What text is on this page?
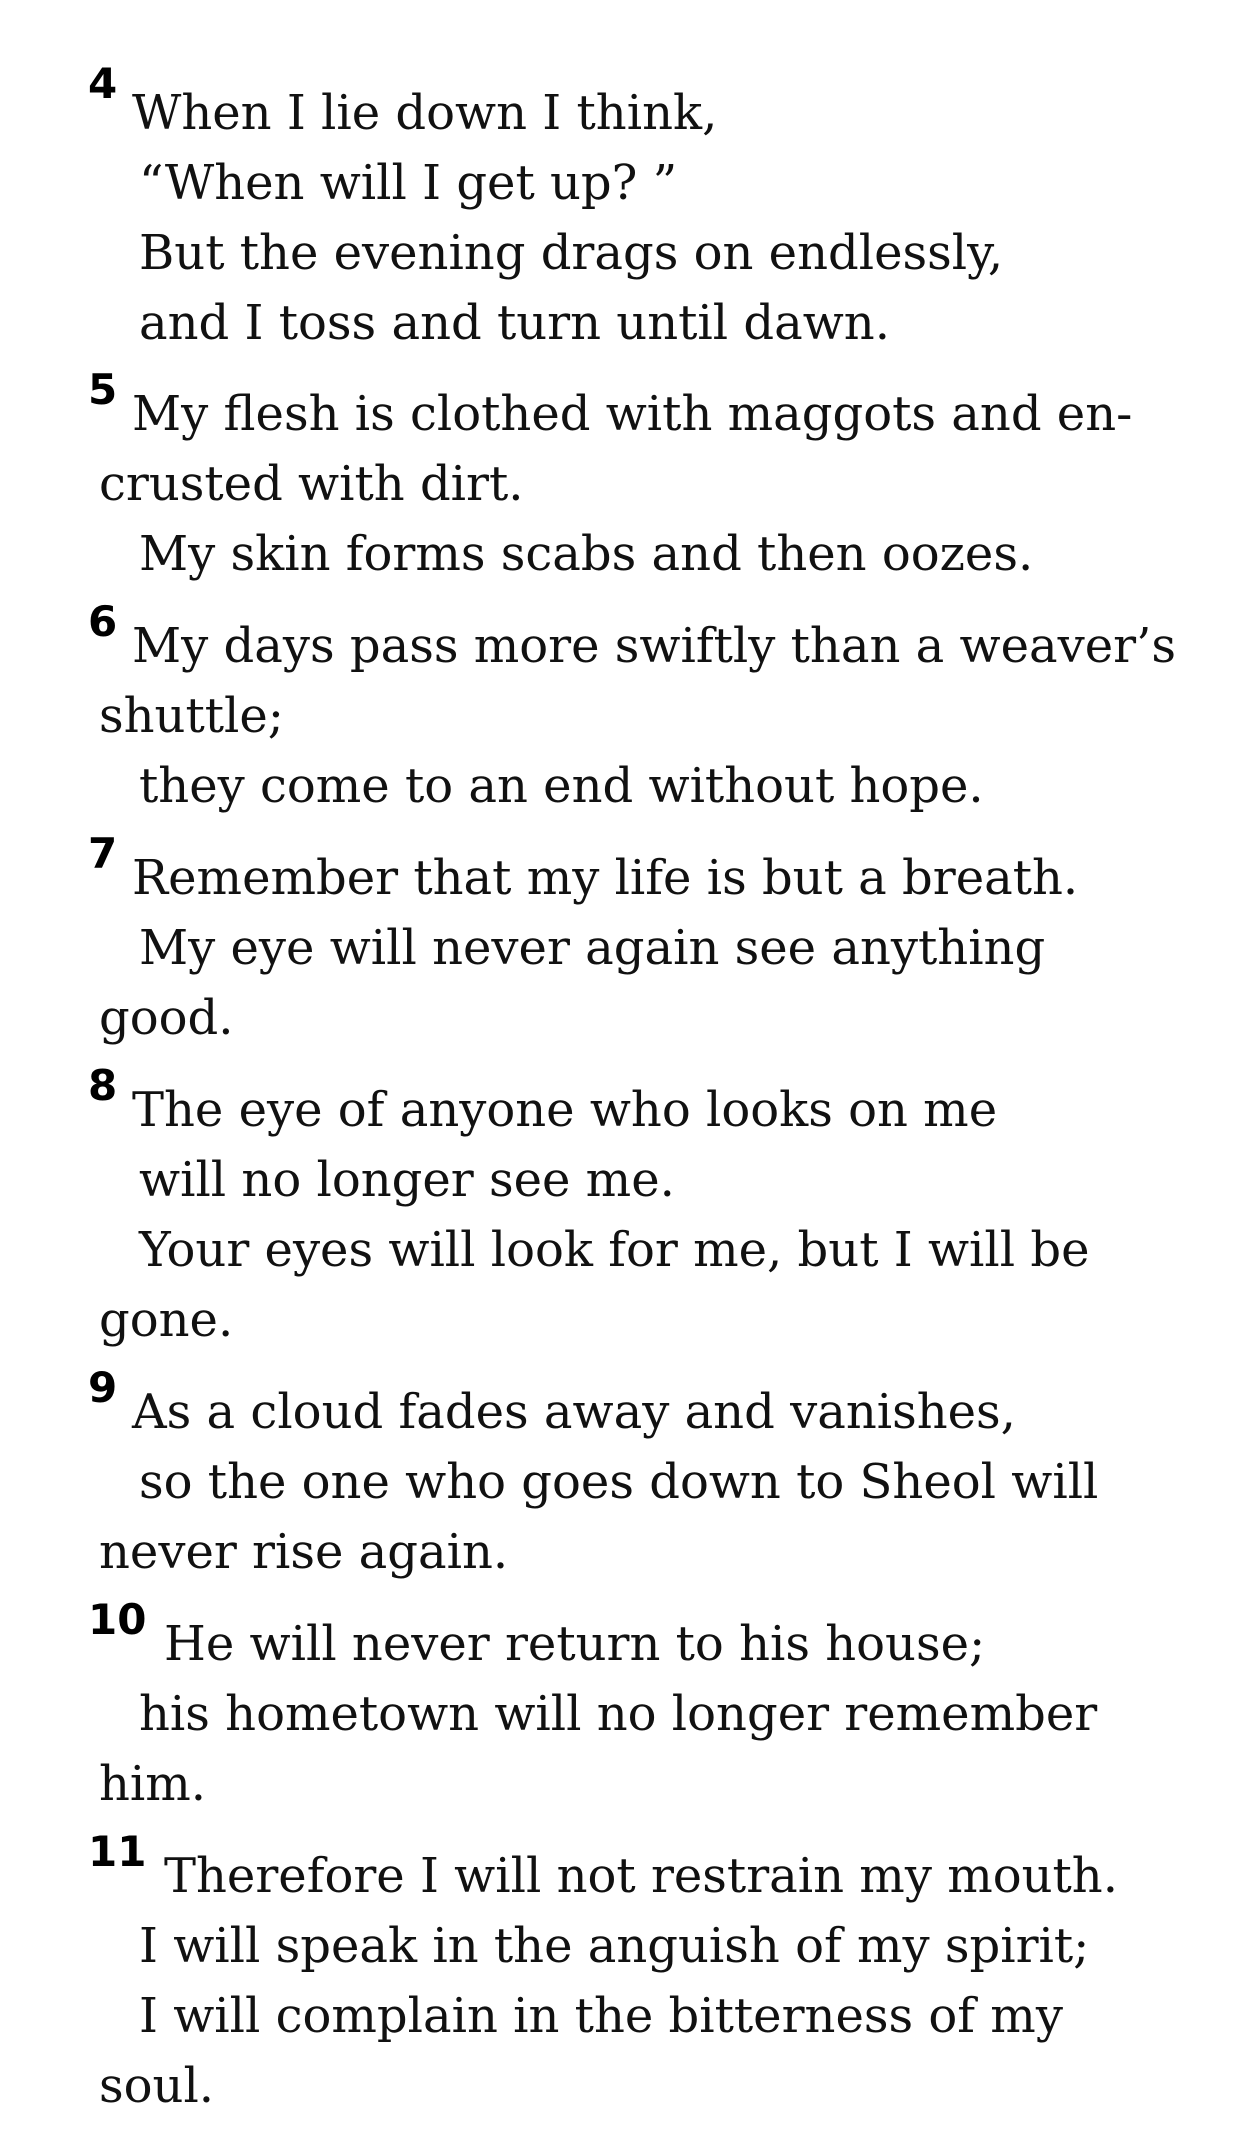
4
When I lie down I think,
“When will I get up? ”
But the evening drags on endlessly,
and I toss and turn until dawn.
5 My flesh is clothed with maggots and en-
crusted with dirt.
My skin forms scabs and then oozes.
6 My days pass more swiftly than a weaver’s
shuttle;
they come to an end without hope.
7 Remember that my life is but a breath.
My eye will never again see anything
good.
8 The eye of anyone who looks on me
will no longer see me.
Your eyes will look for me, but I will be
gone.
9 As a cloud fades away and vanishes,
so the one who goes down to Sheol will
never rise again.
10 He will never return to his house;
his hometown will no longer remember
him.
11 Therefore I will not restrain my mouth.
I will speak in the anguish of my spirit;
I will complain in the bitterness of my
soul.
